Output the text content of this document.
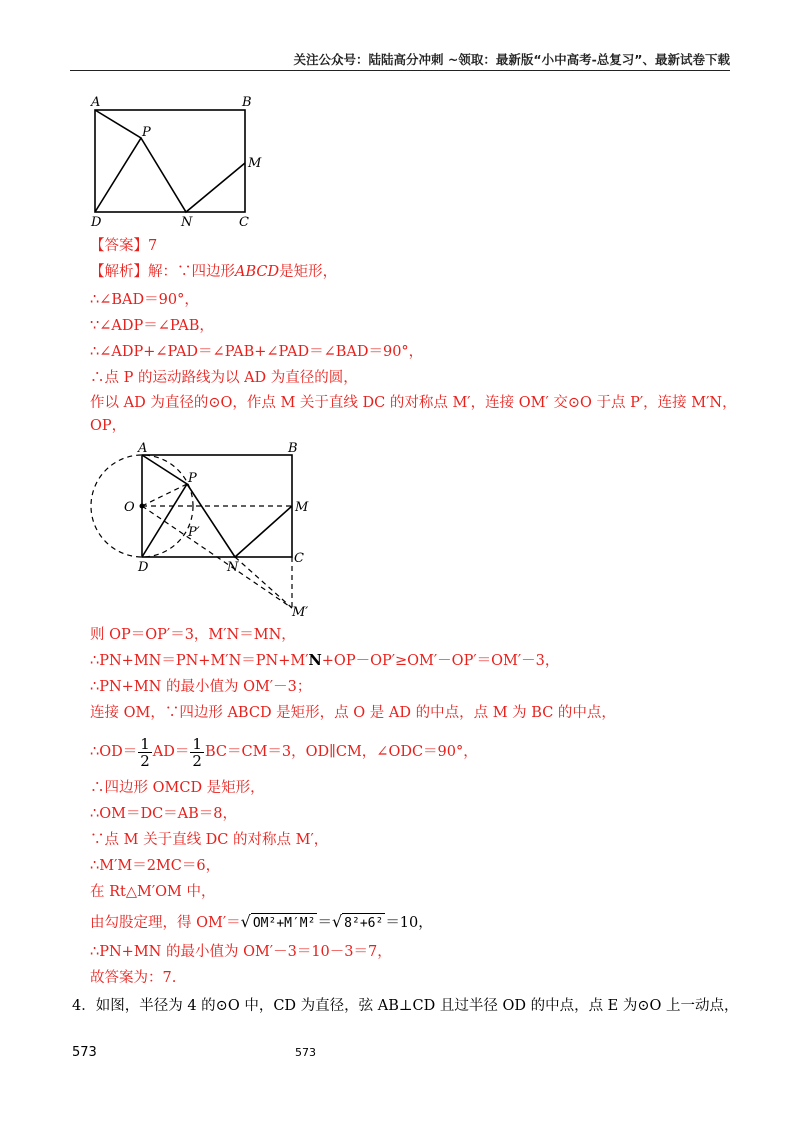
关注公众号：陆陆高分冲刺 ~领取：最新版“小中高考-总复习”、最新试卷下载
A	B
P
M
D	N	C
【答案】7
【解析】解：∵四边形ABCD是矩形，
∴∠BAD＝90°，
∵∠ADP＝∠PAB，
∴∠ADP+∠PAD＝∠PAB+∠PAD＝∠BAD＝90°，
∴点 P 的运动路线为以 AD 为直径的圆，
作以 AD 为直径的⊙O，作点 M 关于直线 DC 的对称点 M′，连接 OM′ 交⊙O 于点 P′，连接 M′N，
OP，
A	B
P
O	M
P′
D	N
C
M′
则 OP＝OP′＝3，M′N＝MN，
∴PN+MN＝PN+M′N＝PN+M′N+OP－OP′≥OM′－OP′＝OM′－3，
∴PN+MN 的最小值为 OM′－3；
连接 OM，∵四边形 ABCD 是矩形，点 O 是 AD 的中点，点 M 为 BC 的中点，
∴OD＝ $\frac{1}{2} AD= \frac{1}{2} BC=CM=3$，OD∥CM，∠ODC＝90°，
∴四边形 OMCD 是矩形，
∴OM＝DC＝AB＝8，
∵点 M 关于直线 DC 的对称点 M′，
∴M′M＝2MC＝6，
在 Rt△M′OM 中，
由勾股定理，得 OM′＝√ OM²+M′M² ＝√ 8²+6² ＝10，
∴PN+MN 的最小值为 OM′－3＝10－3＝7，
故答案为：7.
4．如图，半径为 4 的⊙O 中，CD 为直径，弦 AB⊥CD 且过半径 OD 的中点，点 E 为⊙O 上一动点，
573	573
